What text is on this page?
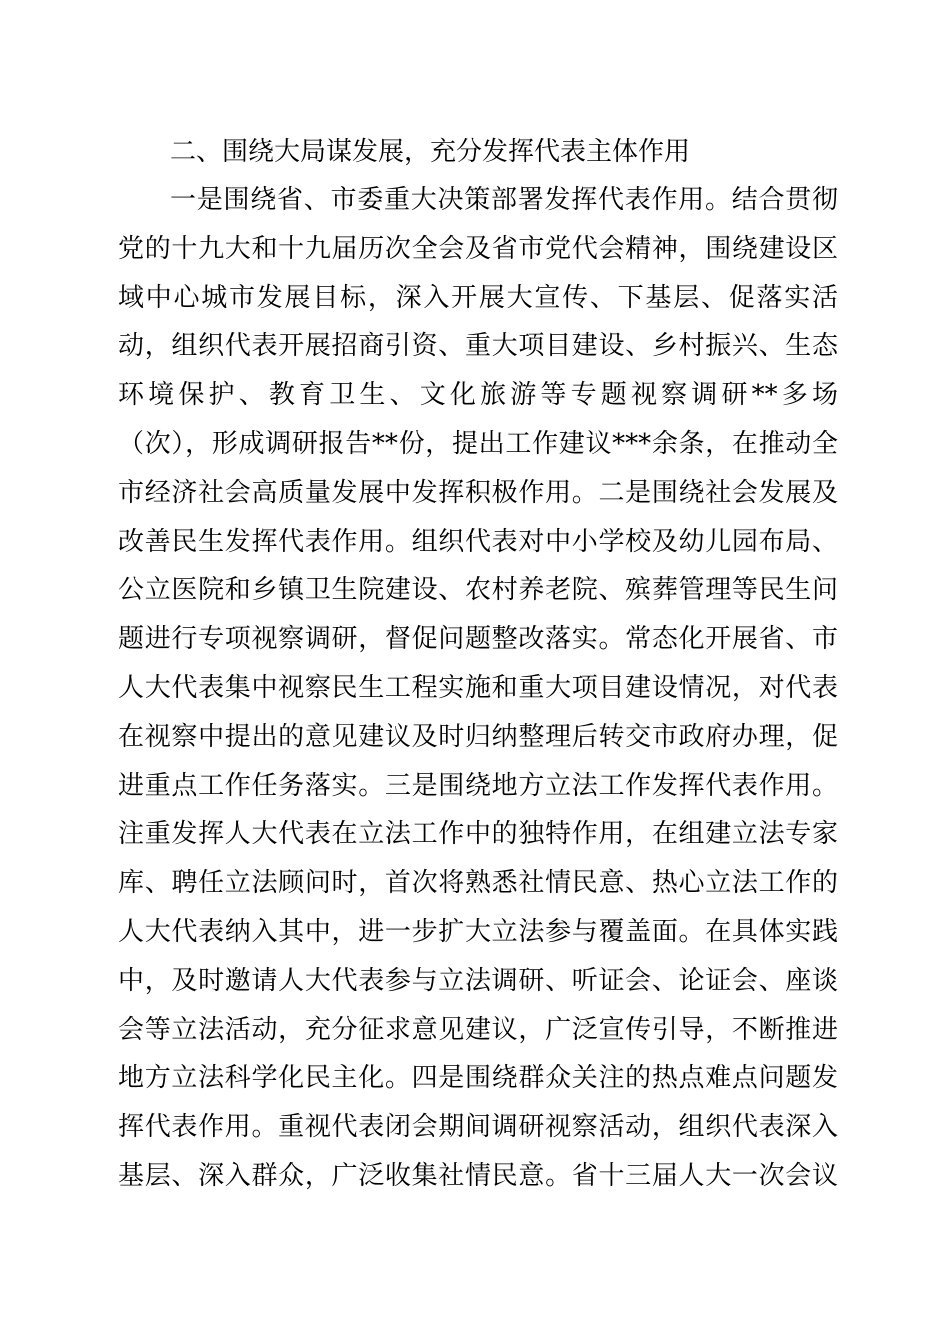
二、围绕大局谋发展，充分发挥代表主体作用
一是围绕省、市委重大决策部署发挥代表作用。结合贯彻
党的十九大和十九届历次全会及省市党代会精神，围绕建设区
域中心城市发展目标，深入开展大宣传、下基层、促落实活
动，组织代表开展招商引资、重大项目建设、乡村振兴、生态
环境保护、教育卫生、文化旅游等专题视察调研**多场
（次），形成调研报告**份，提出工作建议***余条，在推动全
市经济社会高质量发展中发挥积极作用。二是围绕社会发展及
改善民生发挥代表作用。组织代表对中小学校及幼儿园布局、
公立医院和乡镇卫生院建设、农村养老院、殡葬管理等民生问
题进行专项视察调研，督促问题整改落实。常态化开展省、市
人大代表集中视察民生工程实施和重大项目建设情况，对代表
在视察中提出的意见建议及时归纳整理后转交市政府办理，促
进重点工作任务落实。三是围绕地方立法工作发挥代表作用。
注重发挥人大代表在立法工作中的独特作用，在组建立法专家
库、聘任立法顾问时，首次将熟悉社情民意、热心立法工作的
人大代表纳入其中，进一步扩大立法参与覆盖面。在具体实践
中，及时邀请人大代表参与立法调研、听证会、论证会、座谈
会等立法活动，充分征求意见建议，广泛宣传引导，不断推进
地方立法科学化民主化。四是围绕群众关注的热点难点问题发
挥代表作用。重视代表闭会期间调研视察活动，组织代表深入
基层、深入群众，广泛收集社情民意。省十三届人大一次会议
